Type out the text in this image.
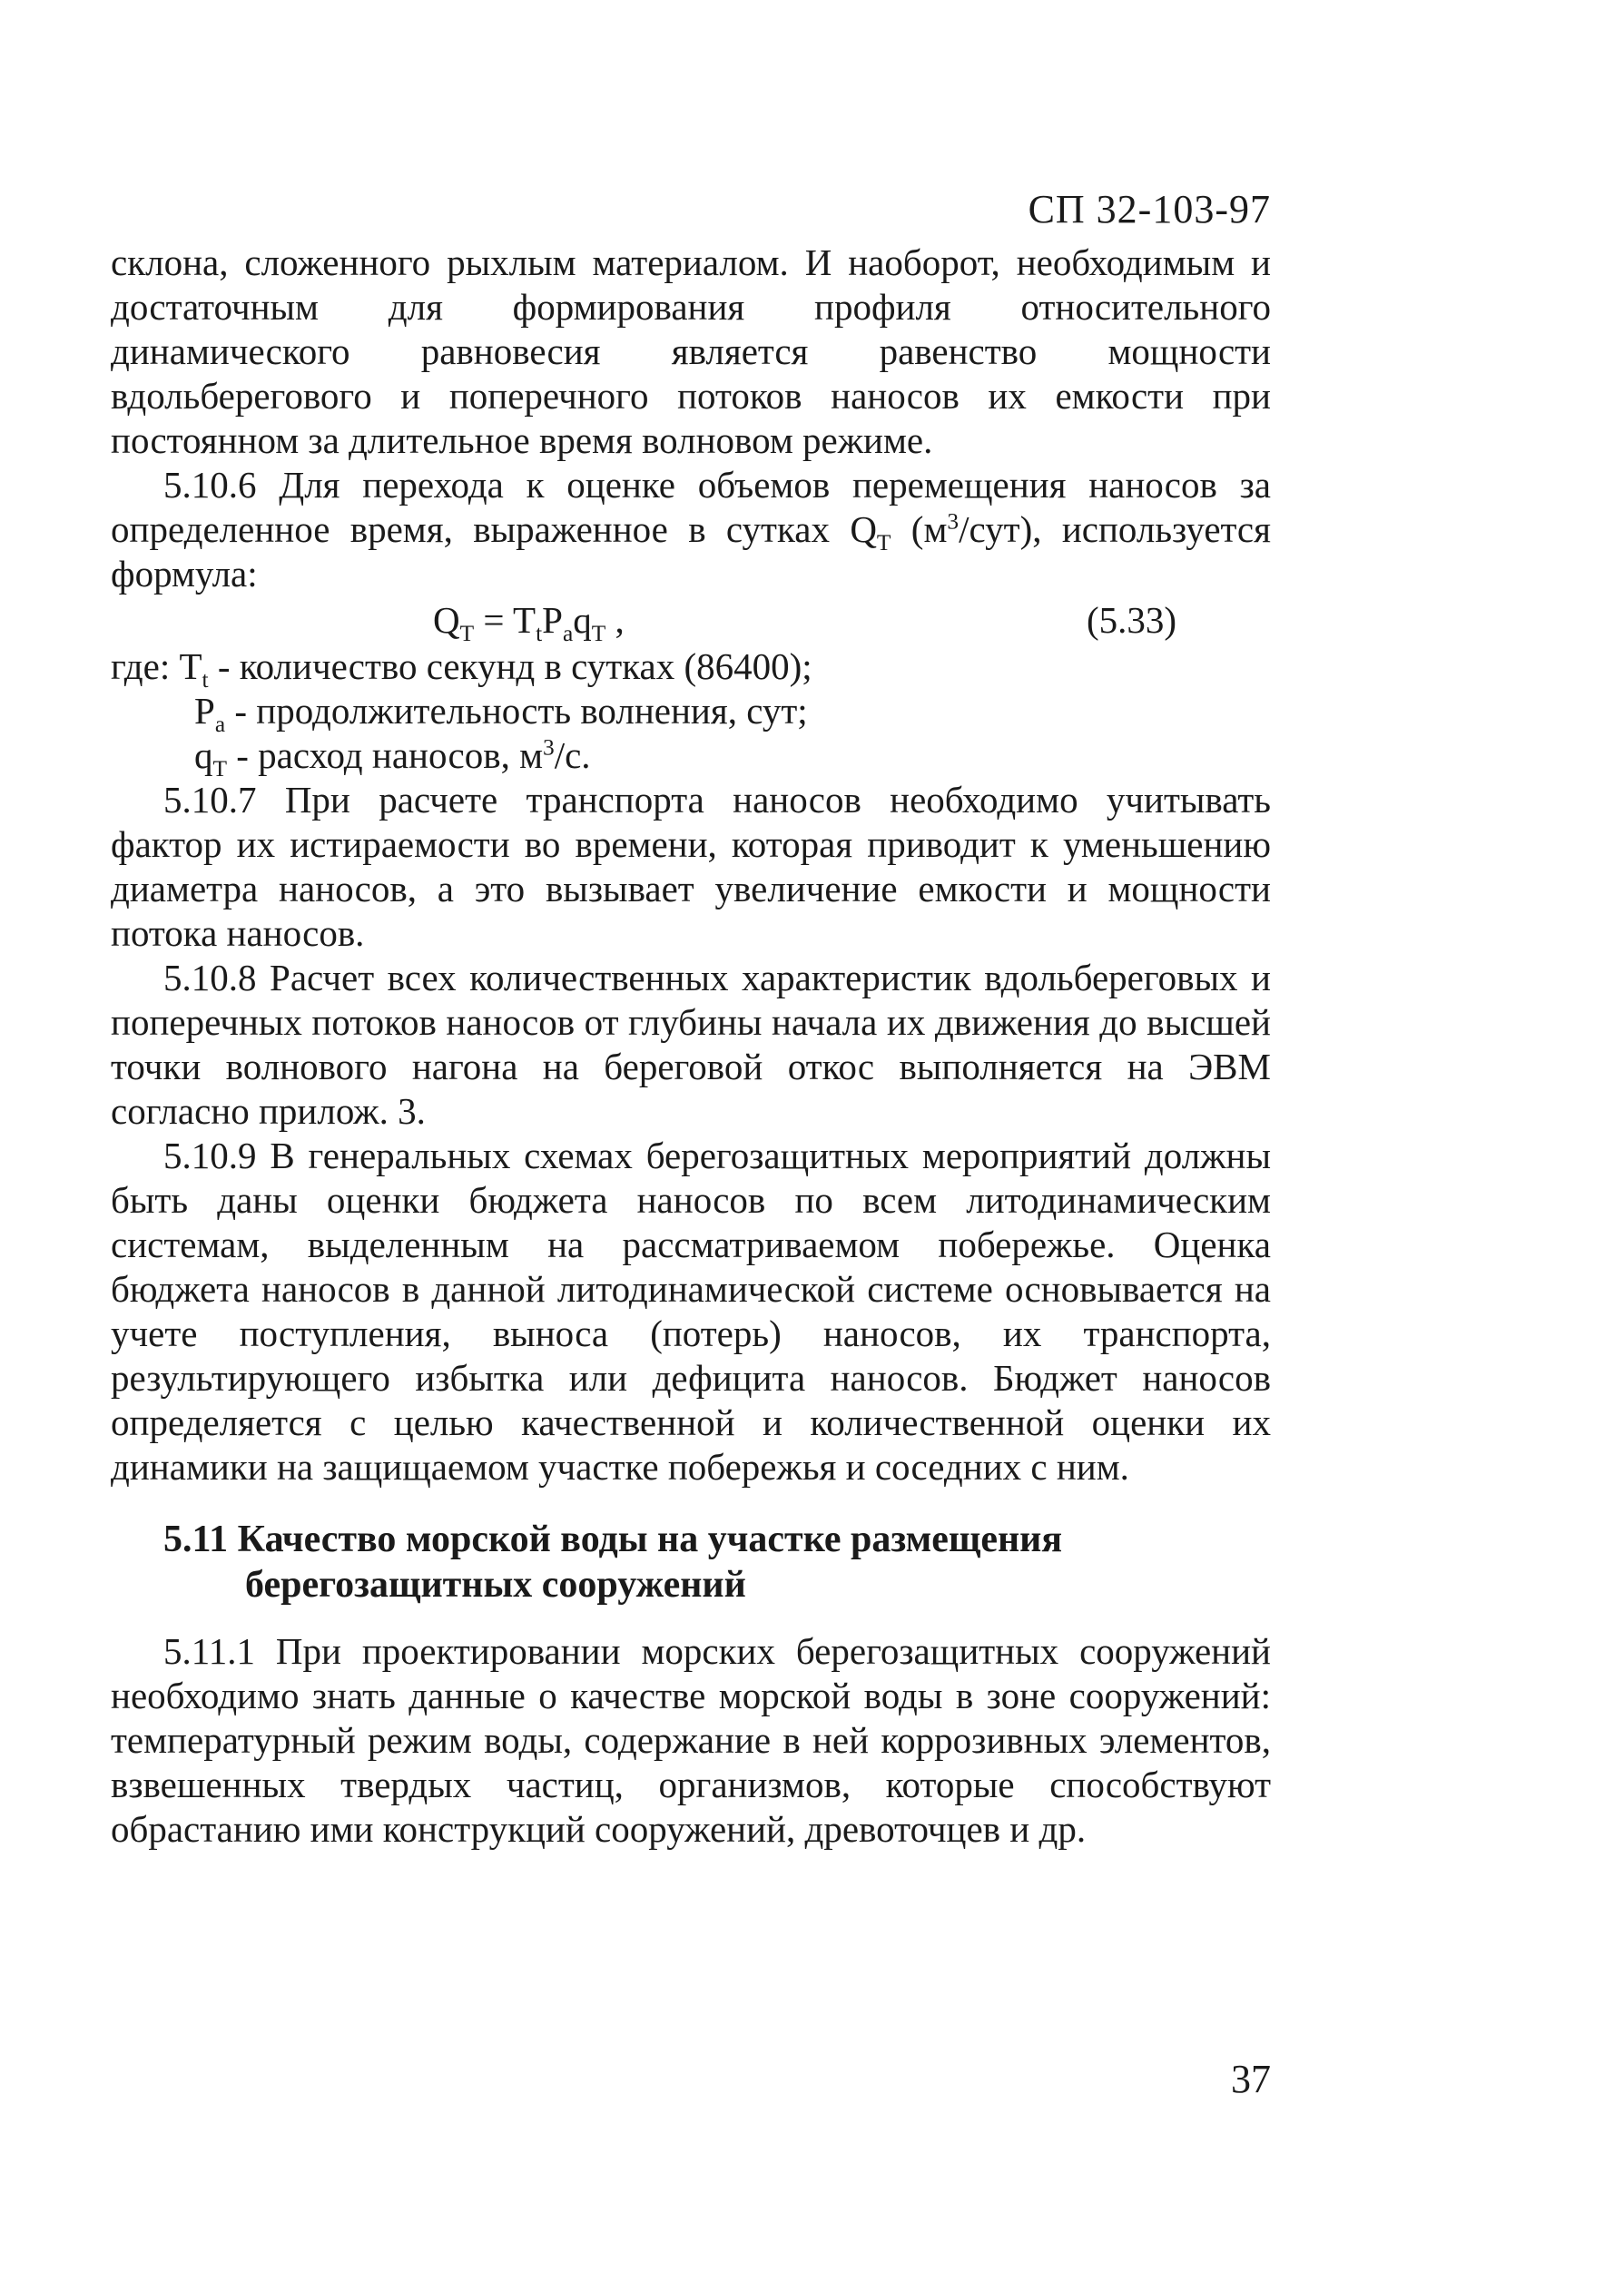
СП 32-103-97

склона, сложенного рыхлым материалом. И наоборот, необходимым и достаточным для формирования профиля относительного динамического равновесия является равенство мощности вдольберегового и поперечного потоков наносов их емкости при постоянном за длительное время волновом режиме.

5.10.6 Для перехода к оценке объемов перемещения наносов за определенное время, выраженное в сутках $Q_T$ $(м^3/сут)$, используется формула:

$Q_T = T_tP_aq_T$ ,	(5.33)

где: $T_t$ - количество секунд в сутках (86400);

$P_a$ - продолжительность волнения, сут;

$q_T$ - расход наносов, $м^3/с$.

5.10.7 При расчете транспорта наносов необходимо учитывать фактор их истираемости во времени, которая приводит к уменьшению диаметра наносов, а это вызывает увеличение емкости и мощности потока наносов.

5.10.8 Расчет всех количественных характеристик вдольбереговых и поперечных потоков наносов от глубины начала их движения до высшей точки волнового нагона на береговой откос выполняется на ЭВМ согласно прилож. 3.

5.10.9 В генеральных схемах берегозащитных мероприятий должны быть даны оценки бюджета наносов по всем литодинамическим системам, выделенным на рассматриваемом побережье. Оценка бюджета наносов в данной литодинамической системе основывается на учете поступления, выноса (потерь) наносов, их транспорта, результирующего избытка или дефицита наносов. Бюджет наносов определяется с целью качественной и количественной оценки их динамики на защищаемом участке побережья и соседних с ним.

5.11 Качество морской воды на участке размещения
берегозащитных сооружений

5.11.1 При проектировании морских берегозащитных сооружений необходимо знать данные о качестве морской воды в зоне сооружений: температурный режим воды, содержание в ней коррозивных элементов, взвешенных твердых частиц, организмов, которые способствуют обрастанию ими конструкций сооружений, древоточцев и др.

37
